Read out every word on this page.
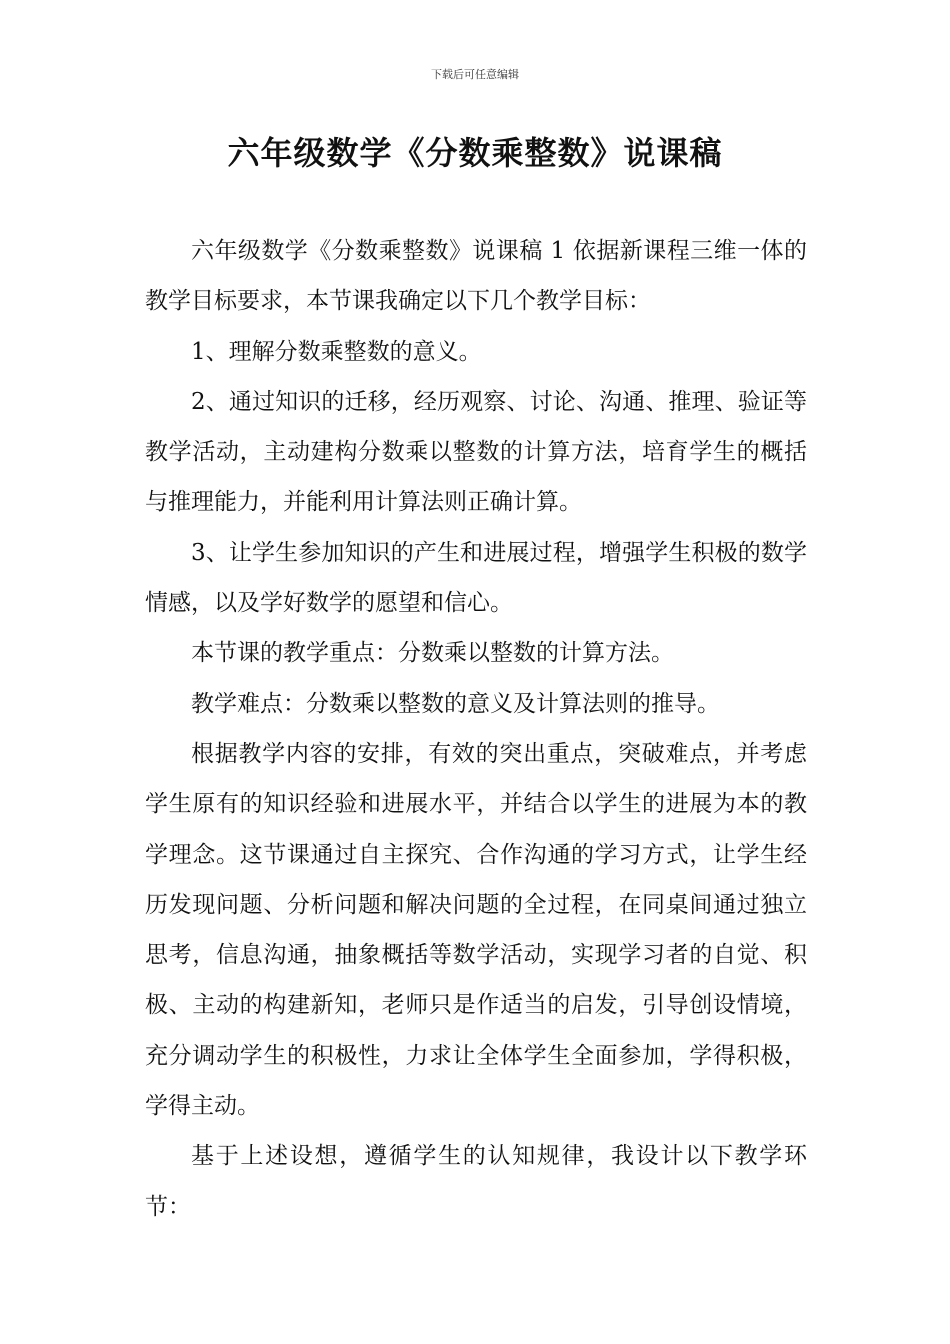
下载后可任意编辑
六年级数学《分数乘整数》说课稿

六年级数学《分数乘整数》说课稿 1 依据新课程三维一体的教学目标要求，本节课我确定以下几个教学目标：

1、理解分数乘整数的意义。

2、通过知识的迁移，经历观察、讨论、沟通、推理、验证等教学活动，主动建构分数乘以整数的计算方法，培育学生的概括与推理能力，并能利用计算法则正确计算。

3、让学生参加知识的产生和进展过程，增强学生积极的数学情感，以及学好数学的愿望和信心。

本节课的教学重点：分数乘以整数的计算方法。

教学难点：分数乘以整数的意义及计算法则的推导。

根据教学内容的安排，有效的突出重点，突破难点，并考虑学生原有的知识经验和进展水平，并结合以学生的进展为本的教学理念。这节课通过自主探究、合作沟通的学习方式，让学生经历发现问题、分析问题和解决问题的全过程，在同桌间通过独立思考，信息沟通，抽象概括等数学活动，实现学习者的自觉、积极、主动的构建新知，老师只是作适当的启发，引导创设情境，充分调动学生的积极性，力求让全体学生全面参加，学得积极，学得主动。

基于上述设想，遵循学生的认知规律，我设计以下教学环节：
